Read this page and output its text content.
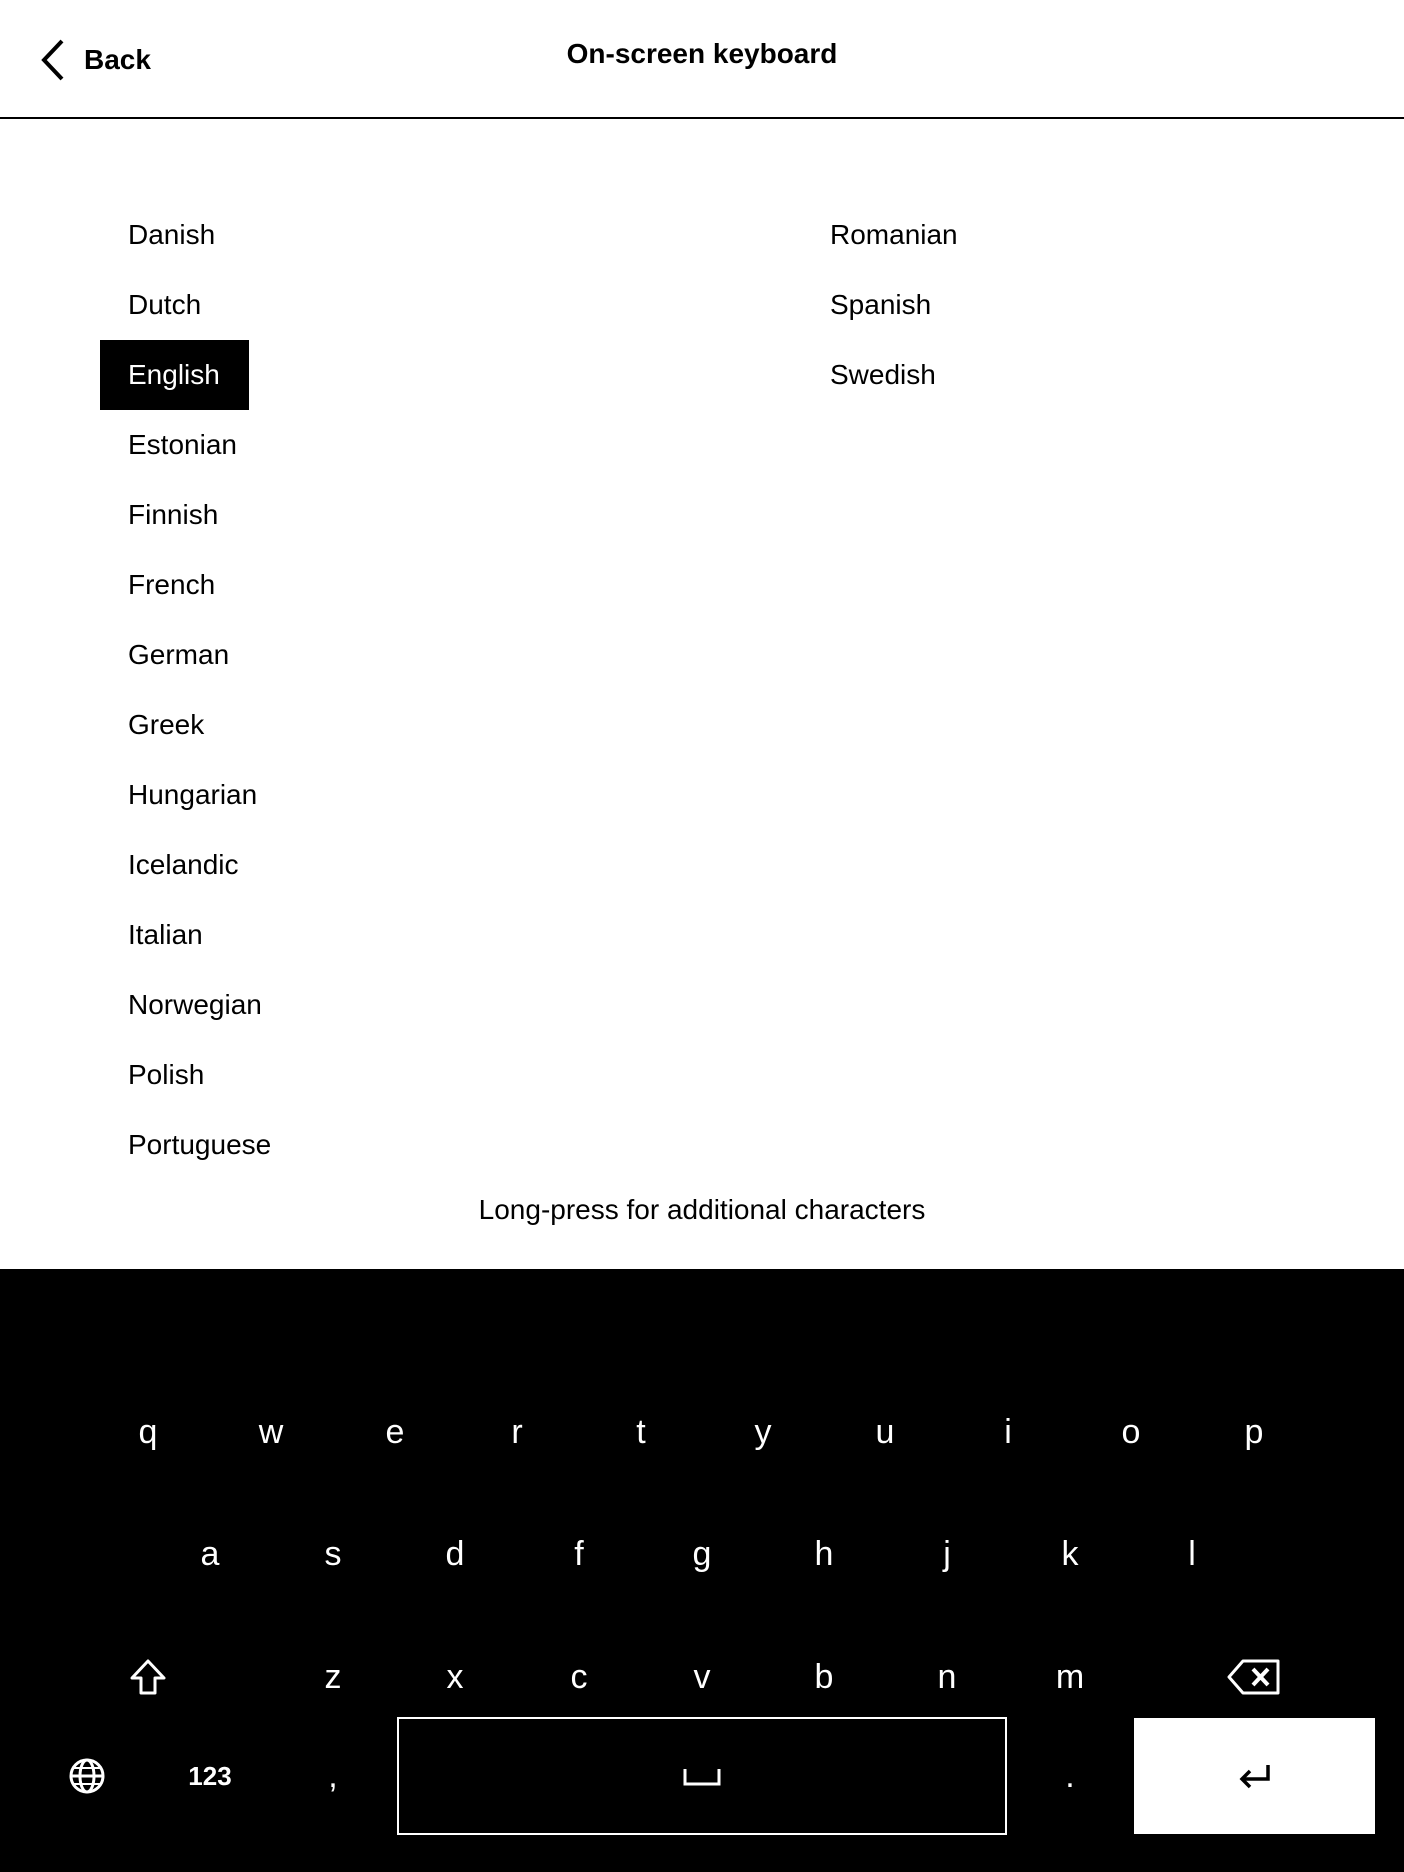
Back	On-screen keyboard
Danish
Dutch
English
Estonian
Finnish
French
German
Greek
Hungarian
Icelandic
Italian
Norwegian
Polish
Portuguese
Romanian
Spanish
Swedish
Long-press for additional characters
q	w	e	r	t	y	u	i	o	p
a	s	d	f	g	h	j	k	l
z	x	c	v	b	n	m
123	,	.
